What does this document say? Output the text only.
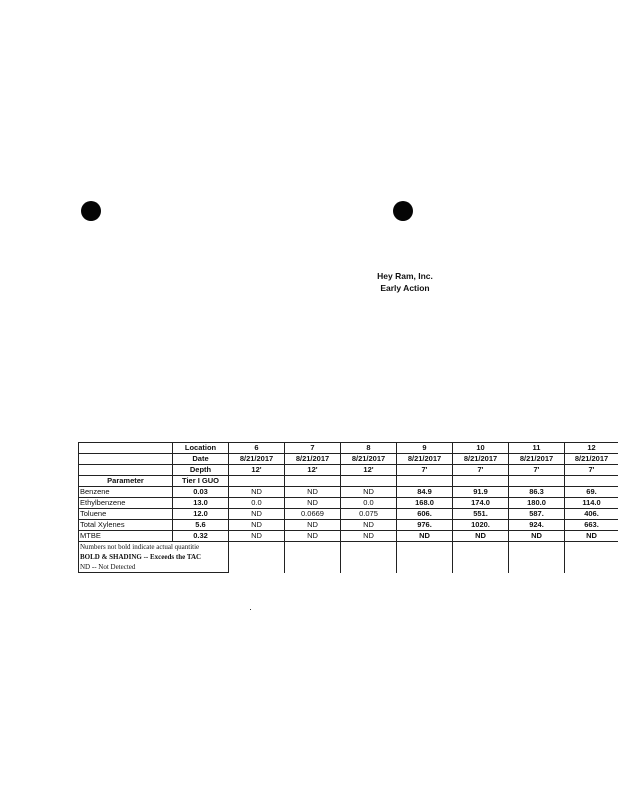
Hey Ram, Inc.
Early Action
	Location	6	7	8	9	10	11	12
	Date	8/21/2017	8/21/2017	8/21/2017	8/21/2017	8/21/2017	8/21/2017	8/21/2017
	Depth	12'	12'	12'	7'	7'	7'	7'
Parameter	Tier I GUO							
Benzene	0.03	ND	ND	ND	84.9	91.9	86.3	69.
Ethylbenzene	13.0	0.0	ND	0.0	168.0	174.0	180.0	114.0
Toluene	12.0	ND	0.0669	0.075	606.	551.	587.	406.
Total Xylenes	5.6	ND	ND	ND	976.	1020.	924.	663.
MTBE	0.32	ND	ND	ND	ND	ND	ND	ND
Numbers not bold indicate actual quantitie								
BOLD & SHADING -- Exceeds the TAC								
ND -- Not Detected								
